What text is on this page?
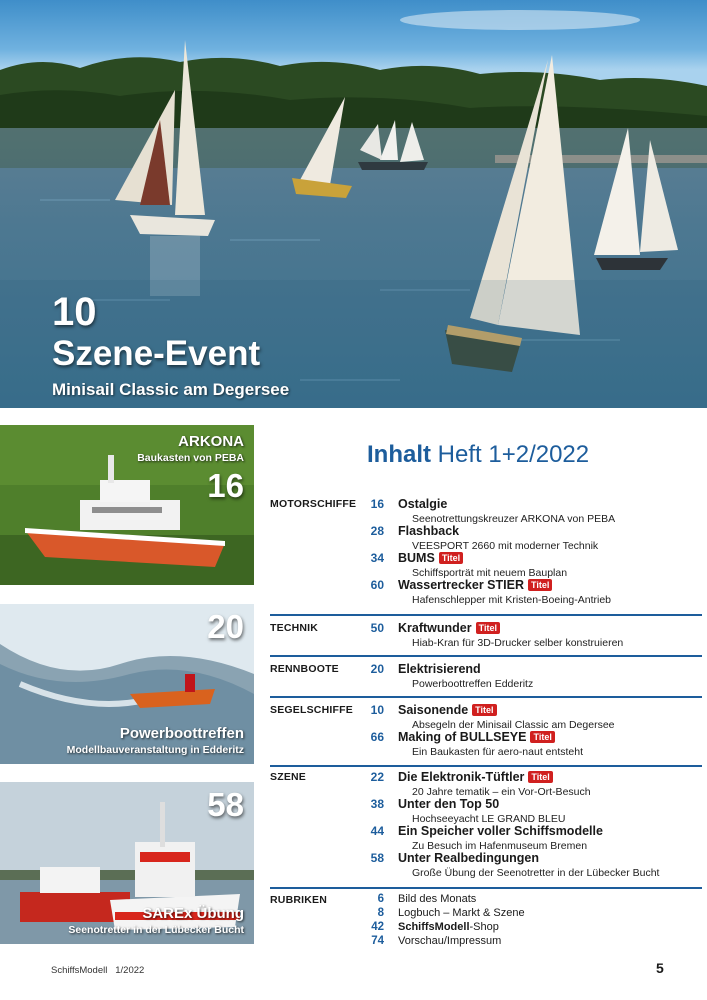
10
Szene-Event
Minisail Classic am Degersee
ARKONA
Baukasten von PEBA
16
20
Powerboottreffen
Modellbauveranstaltung in Edderitz
58
SAREx Übung
Seenotretter in der Lübecker Bucht
Inhalt Heft 1+2/2022
MOTORSCHIFFE	16 Ostalgie
Seenotrettungskreuzer ARKONA von PEBA
28 Flashback
VEESPORT 2660 mit moderner Technik
34 BUMS Titel
Schiffsporträt mit neuem Bauplan
60 Wassertrecker STIER Titel
Hafenschlepper mit Kristen-Boeing-Antrieb
TECHNIK	50 Kraftwunder Titel
Hiab-Kran für 3D-Drucker selber konstruieren
RENNBOOTE	20 Elektrisierend
Powerboottreffen Edderitz
SEGELSCHIFFE	10 Saisonende Titel
Absegeln der Minisail Classic am Degersee
66 Making of BULLSEYE Titel
Ein Baukasten für aero-naut entsteht
SZENE	22 Die Elektronik-Tüftler Titel
20 Jahre tematik – ein Vor-Ort-Besuch
38 Unter den Top 50
Hochseeyacht LE GRAND BLEU
44 Ein Speicher voller Schiffsmodelle
Zu Besuch im Hafenmuseum Bremen
58 Unter Realbedingungen
Große Übung der Seenotretter in der Lübecker Bucht
RUBRIKEN	6 Bild des Monats
8 Logbuch – Markt & Szene
42 SchiffsModell-Shop
74 Vorschau/Impressum
SchiffsModell 1/2022	5
